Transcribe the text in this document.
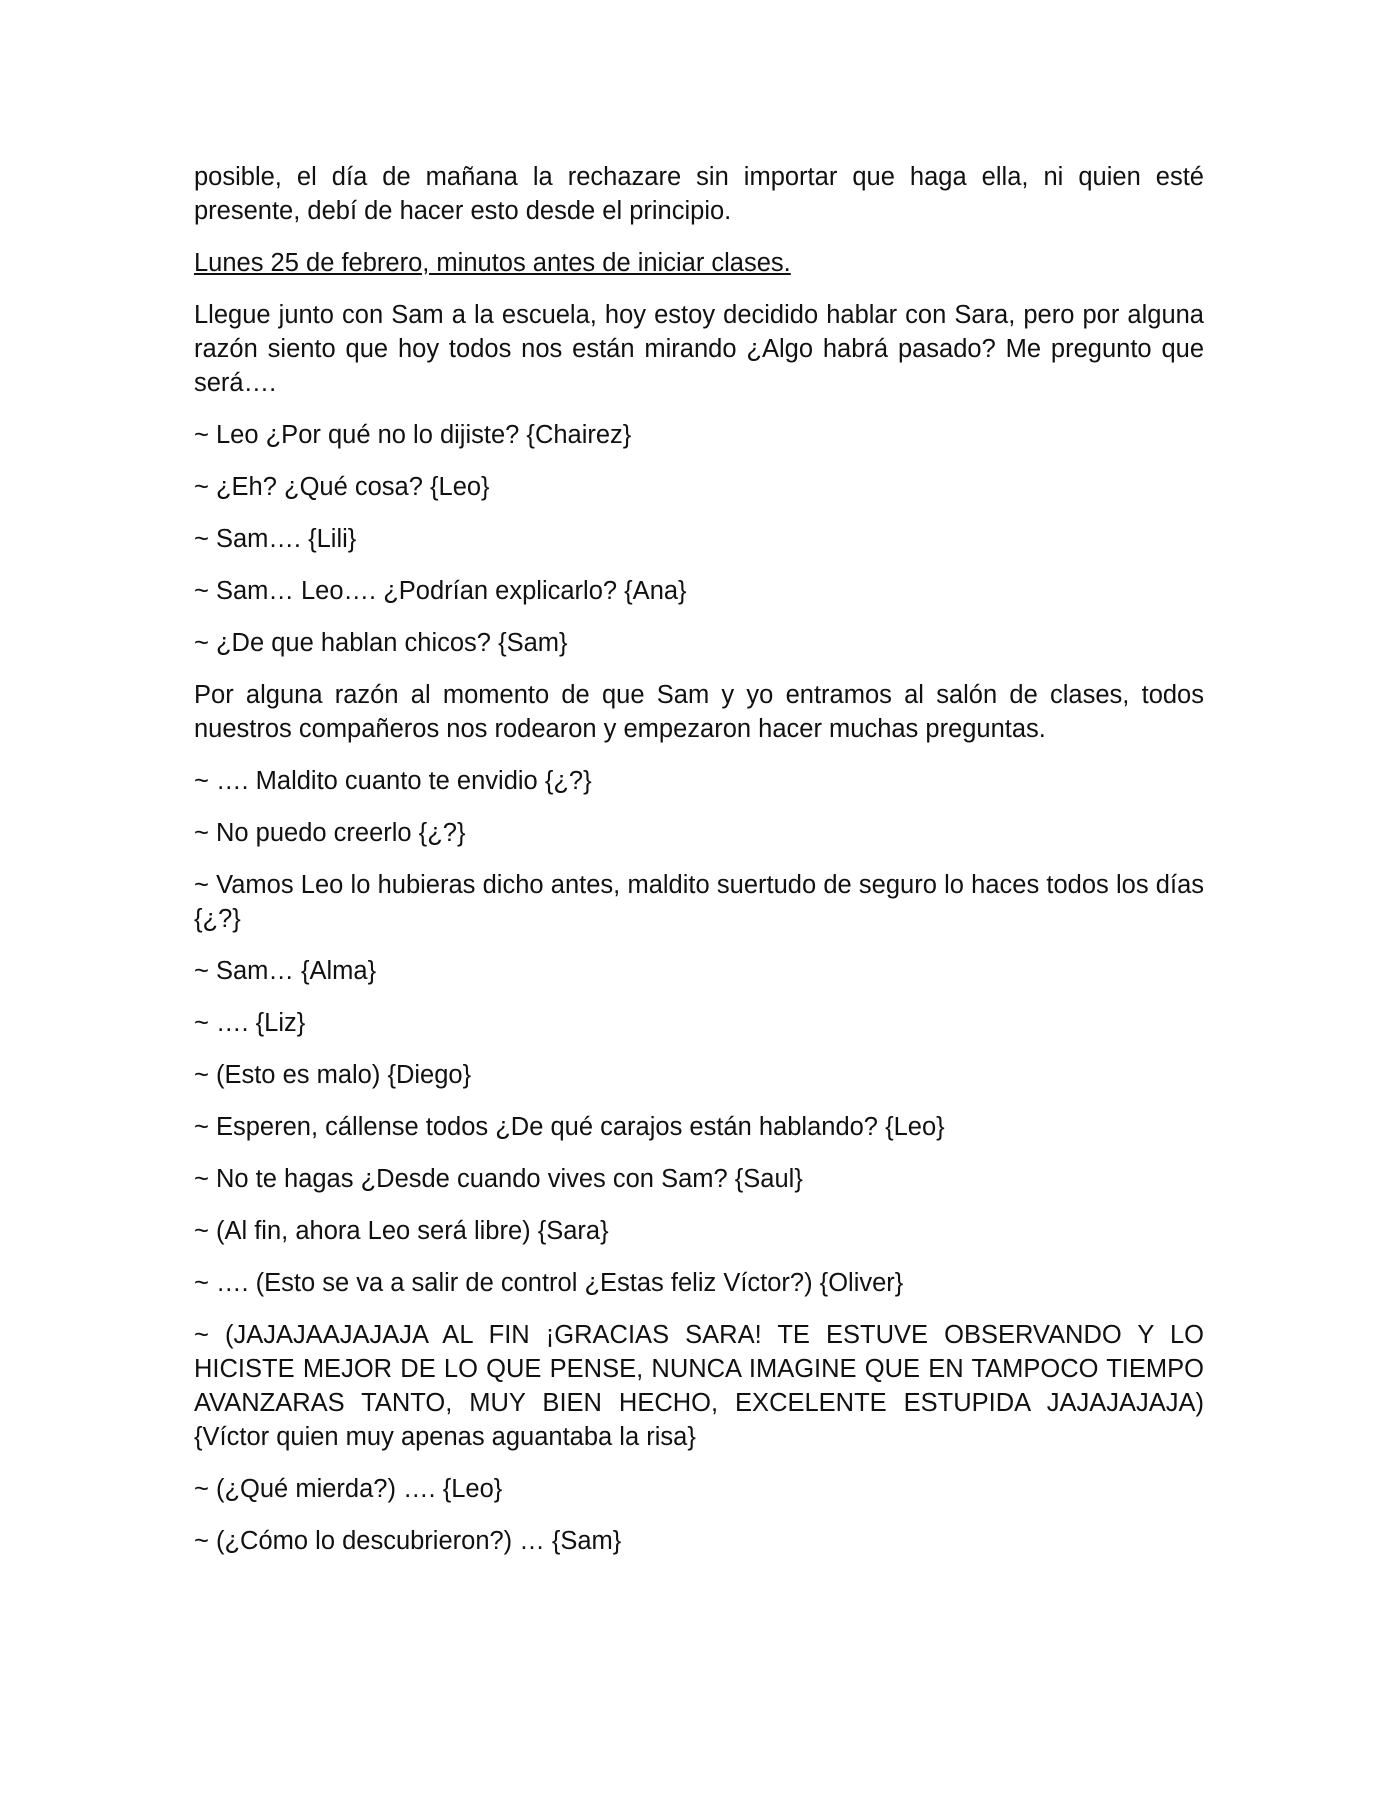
posible, el día de mañana la rechazare sin importar que haga ella, ni quien esté presente, debí de hacer esto desde el principio.

Lunes 25 de febrero, minutos antes de iniciar clases.

Llegue junto con Sam a la escuela, hoy estoy decidido hablar con Sara, pero por alguna razón siento que hoy todos nos están mirando ¿Algo habrá pasado? Me pregunto que será….

~ Leo ¿Por qué no lo dijiste? {Chairez}

~ ¿Eh? ¿Qué cosa? {Leo}

~ Sam…. {Lili}

~ Sam… Leo…. ¿Podrían explicarlo? {Ana}

~ ¿De que hablan chicos? {Sam}

Por alguna razón al momento de que Sam y yo entramos al salón de clases, todos nuestros compañeros nos rodearon y empezaron hacer muchas preguntas.

~ …. Maldito cuanto te envidio {¿?}

~ No puedo creerlo {¿?}

~ Vamos Leo lo hubieras dicho antes, maldito suertudo de seguro lo haces todos los días {¿?}

~ Sam… {Alma}

~ …. {Liz}

~ (Esto es malo) {Diego}

~ Esperen, cállense todos ¿De qué carajos están hablando? {Leo}

~ No te hagas ¿Desde cuando vives con Sam? {Saul}

~ (Al fin, ahora Leo será libre) {Sara}

~ …. (Esto se va a salir de control ¿Estas feliz Víctor?) {Oliver}

~ (JAJAJAAJAJAJA AL FIN ¡GRACIAS SARA! TE ESTUVE OBSERVANDO Y LO HICISTE MEJOR DE LO QUE PENSE, NUNCA IMAGINE QUE EN TAMPOCO TIEMPO AVANZARAS TANTO, MUY BIEN HECHO, EXCELENTE ESTUPIDA JAJAJAJAJA) {Víctor quien muy apenas aguantaba la risa}

~ (¿Qué mierda?) …. {Leo}

~ (¿Cómo lo descubrieron?) … {Sam}
